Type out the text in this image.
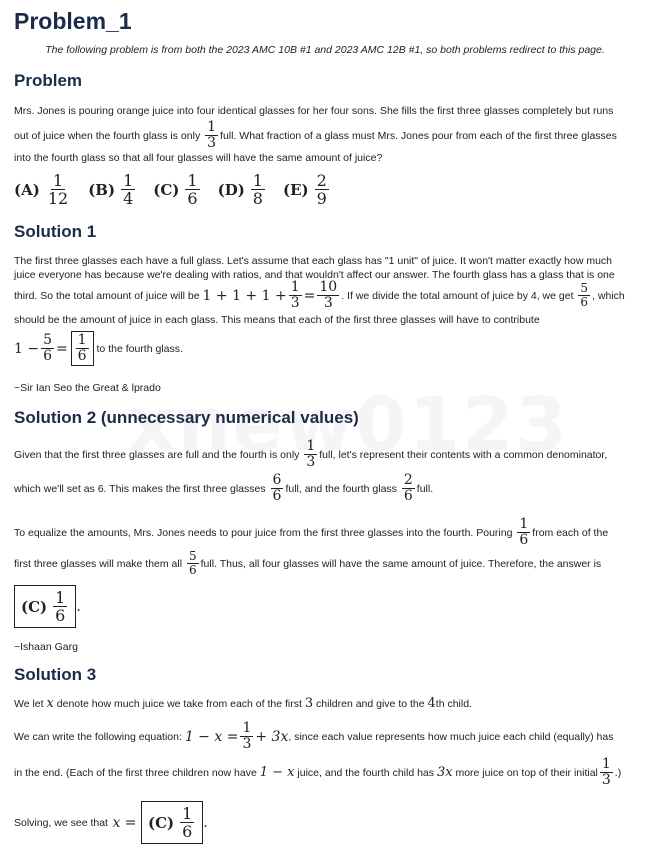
Problem_1

The following problem is from both the 2023 AMC 10B #1 and 2023 AMC 12B #1, so both problems redirect to this page.

Problem

Mrs. Jones is pouring orange juice into four identical glasses for her four sons. She fills the first three glasses completely but runs

out of juice when the fourth glass is only
$\frac{1}{3}$ full. What fraction of a glass must Mrs. Jones pour from each of the first three glasses

into the fourth glass so that all four glasses will have the same amount of juice?

$(A) \frac{1}{12} (B) \frac{1}{4} (C) \frac{1}{6} (D) \frac{1}{8} (E) \frac{2}{9}$
Solution 1

The first three glasses each have a full glass. Let's assume that each glass has "1 unit" of juice. It won't matter exactly how much

juice everyone has because we're dealing with ratios, and that wouldn't affect our answer. The fourth glass has a glass that is one

third. So the total amount of juice will be
$1 + 1 + 1 + \frac{1}{3} = \frac{10}{3}$ . If we divide the total amount of juice by 4, we get
$\frac{5}{6}$ , which

should be the amount of juice in each glass. This means that each of the first three glasses will have to contribute

$1 - \frac{5}{6}$ =
$\frac{1}{6}$
to the fourth glass.

~Sir Ian Seo the Great & lprado

Solution 2 (unnecessary numerical values)

Given that the first three glasses are full and the fourth is only
$\frac{1}{3}$ full, let's represent their contents with a common denominator,

which we'll set as 6. This makes the first three glasses
$\frac{6}{6}$ full, and the fourth glass
$\frac{2}{6}$ full.

To equalize the amounts, Mrs. Jones needs to pour juice from the first three glasses into the fourth. Pouring
$\frac{1}{6}$ from each of the

first three glasses will make them all
$\frac{5}{6}$ full. Thus, all four glasses will have the same amount of juice. Therefore, the answer is

$(C) \frac{1}{6}$ .

~Ishaan Garg

Solution 3

We let
x
denote how much juice we take from each of the first
3
children and give to the
4 th child.

We can write the following equation:
$1 - x = \frac{1}{3} + 3x$ , since each value represents how much juice each child (equally) has

in the end. (Each of the first three children now have
1 − x
juice, and the fourth child has
3x
more juice on top of their initial $\frac{1}{3}$ .)

Solving, we see that
x =
$(C) \frac{1}{6}$ .
